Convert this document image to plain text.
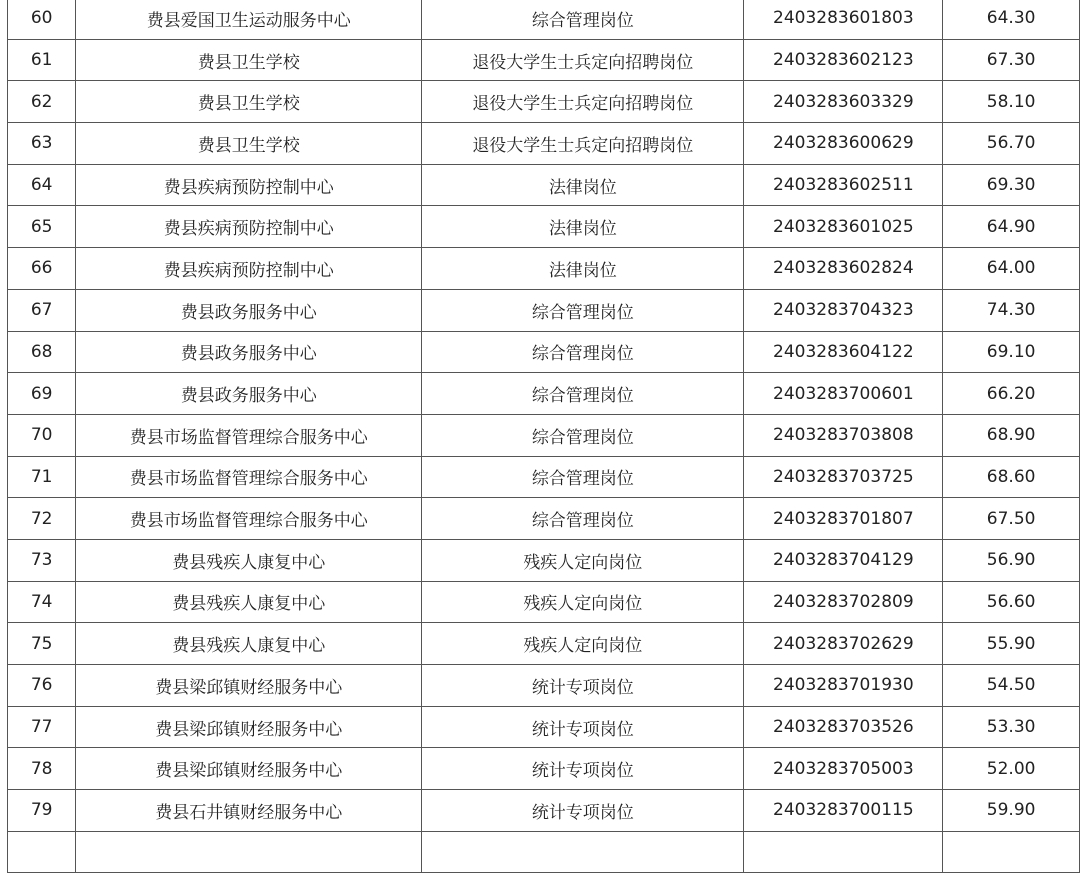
60	费县爱国卫生运动服务中心	综合管理岗位	2403283601803	64.30
61	费县卫生学校	退役大学生士兵定向招聘岗位	2403283602123	67.30
62	费县卫生学校	退役大学生士兵定向招聘岗位	2403283603329	58.10
63	费县卫生学校	退役大学生士兵定向招聘岗位	2403283600629	56.70
64	费县疾病预防控制中心	法律岗位	2403283602511	69.30
65	费县疾病预防控制中心	法律岗位	2403283601025	64.90
66	费县疾病预防控制中心	法律岗位	2403283602824	64.00
67	费县政务服务中心	综合管理岗位	2403283704323	74.30
68	费县政务服务中心	综合管理岗位	2403283604122	69.10
69	费县政务服务中心	综合管理岗位	2403283700601	66.20
70	费县市场监督管理综合服务中心	综合管理岗位	2403283703808	68.90
71	费县市场监督管理综合服务中心	综合管理岗位	2403283703725	68.60
72	费县市场监督管理综合服务中心	综合管理岗位	2403283701807	67.50
73	费县残疾人康复中心	残疾人定向岗位	2403283704129	56.90
74	费县残疾人康复中心	残疾人定向岗位	2403283702809	56.60
75	费县残疾人康复中心	残疾人定向岗位	2403283702629	55.90
76	费县梁邱镇财经服务中心	统计专项岗位	2403283701930	54.50
77	费县梁邱镇财经服务中心	统计专项岗位	2403283703526	53.30
78	费县梁邱镇财经服务中心	统计专项岗位	2403283705003	52.00
79	费县石井镇财经服务中心	统计专项岗位	2403283700115	59.90
